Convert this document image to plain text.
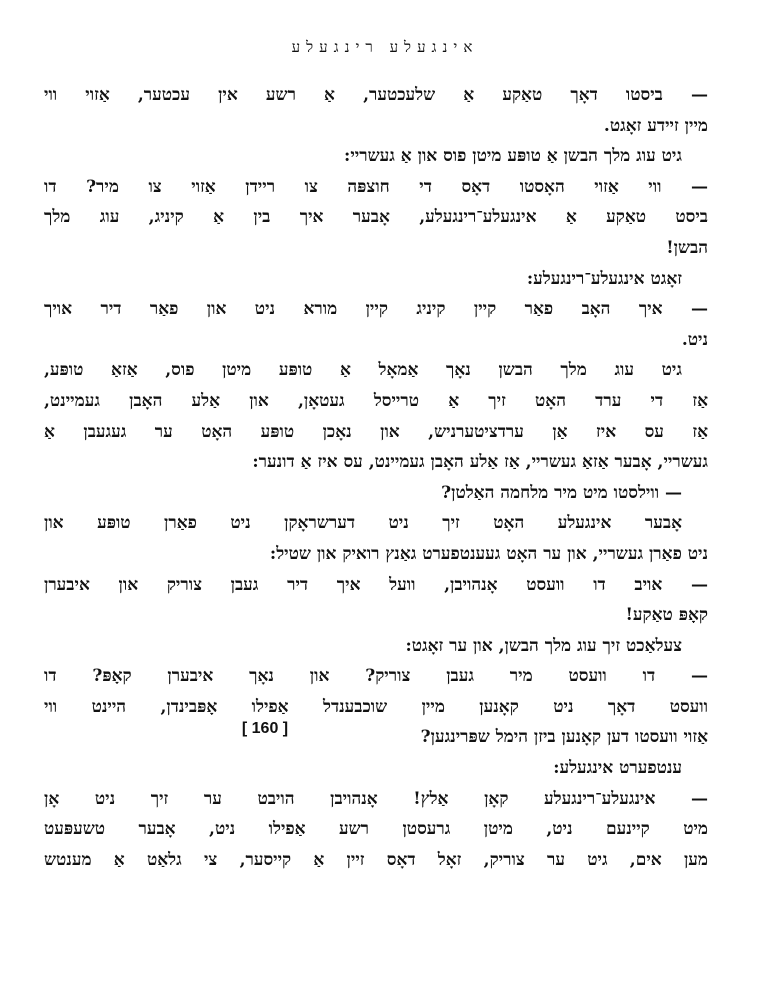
אינגעלע רינגעלע
— ביסטו דאָך טאַקע אַ שלעכטער, אַ רשע אין עכטער, אַזוי ווי
מיין זיידע זאָגט.
גיט עוג מלך הבשן אַ טופּע מיטן פוס און אַ געשריי:
— ווי אַזוי האָסטו דאָס די חוצפּה צו ריידן אַזוי צו מיר? דו
ביסט טאַקע אַ אינגעלע־רינגעלע, אָבער איך בין אַ קיניג, עוג מלך
הבשן!
זאָגט אינגעלע־רינגעלע:
— איך האָב פאַר קיין קיניג קיין מורא ניט און פאַר דיר אויך
ניט.
גיט עוג מלך הבשן נאָך אַמאָל אַ טופּע מיטן פוס, אַזאַ טופּע,
אַז די ערד האָט זיך אַ טרייסל געטאָן, און אַלע האָבן געמיינט,
אַז עס איז אַן ערדציטערניש, און נאָכן טופּע האָט ער געגעבן אַ
געשריי, אָבער אַזאַ געשריי, אַז אַלע האָבן געמיינט, עס איז אַ דונער:
— ווילסטו מיט מיר מלחמה האַלטן?
אָבער אינגעלע האָט זיך ניט דערשראָקן ניט פאַרן טופּע און
ניט פאַרן געשריי, און ער האָט געענטפערט גאַנץ רואיק און שטיל:
— אויב דו וועסט אָנהויבן, וועל איך דיר געבן צוריק און איבערן
קאָפּ טאַקע!
צעלאַכט זיך עוג מלך הבשן, און ער זאָגט:
— דו וועסט מיר געבן צוריק? און נאָך איבערן קאָפּ? דו
וועסט דאָך ניט קאָנען מיין שוכבענדל אַפילו אָפּבינדן, היינט ווי
אַזוי וועסטו דען קאָנען ביזן הימל שפּרינגען?
ענטפערט אינגעלע:
— אינגעלע־רינגעלע קאָן אַלץ! אָנהויבן הויבט ער זיך ניט אָן
מיט קיינעם ניט, מיטן גרעסטן רשע אַפילו ניט, אָבער טשעפּעט
מען אים, גיט ער צוריק, זאָל דאָס זיין אַ קייסער, צי גלאַט אַ מענטש
[ 160 ]
